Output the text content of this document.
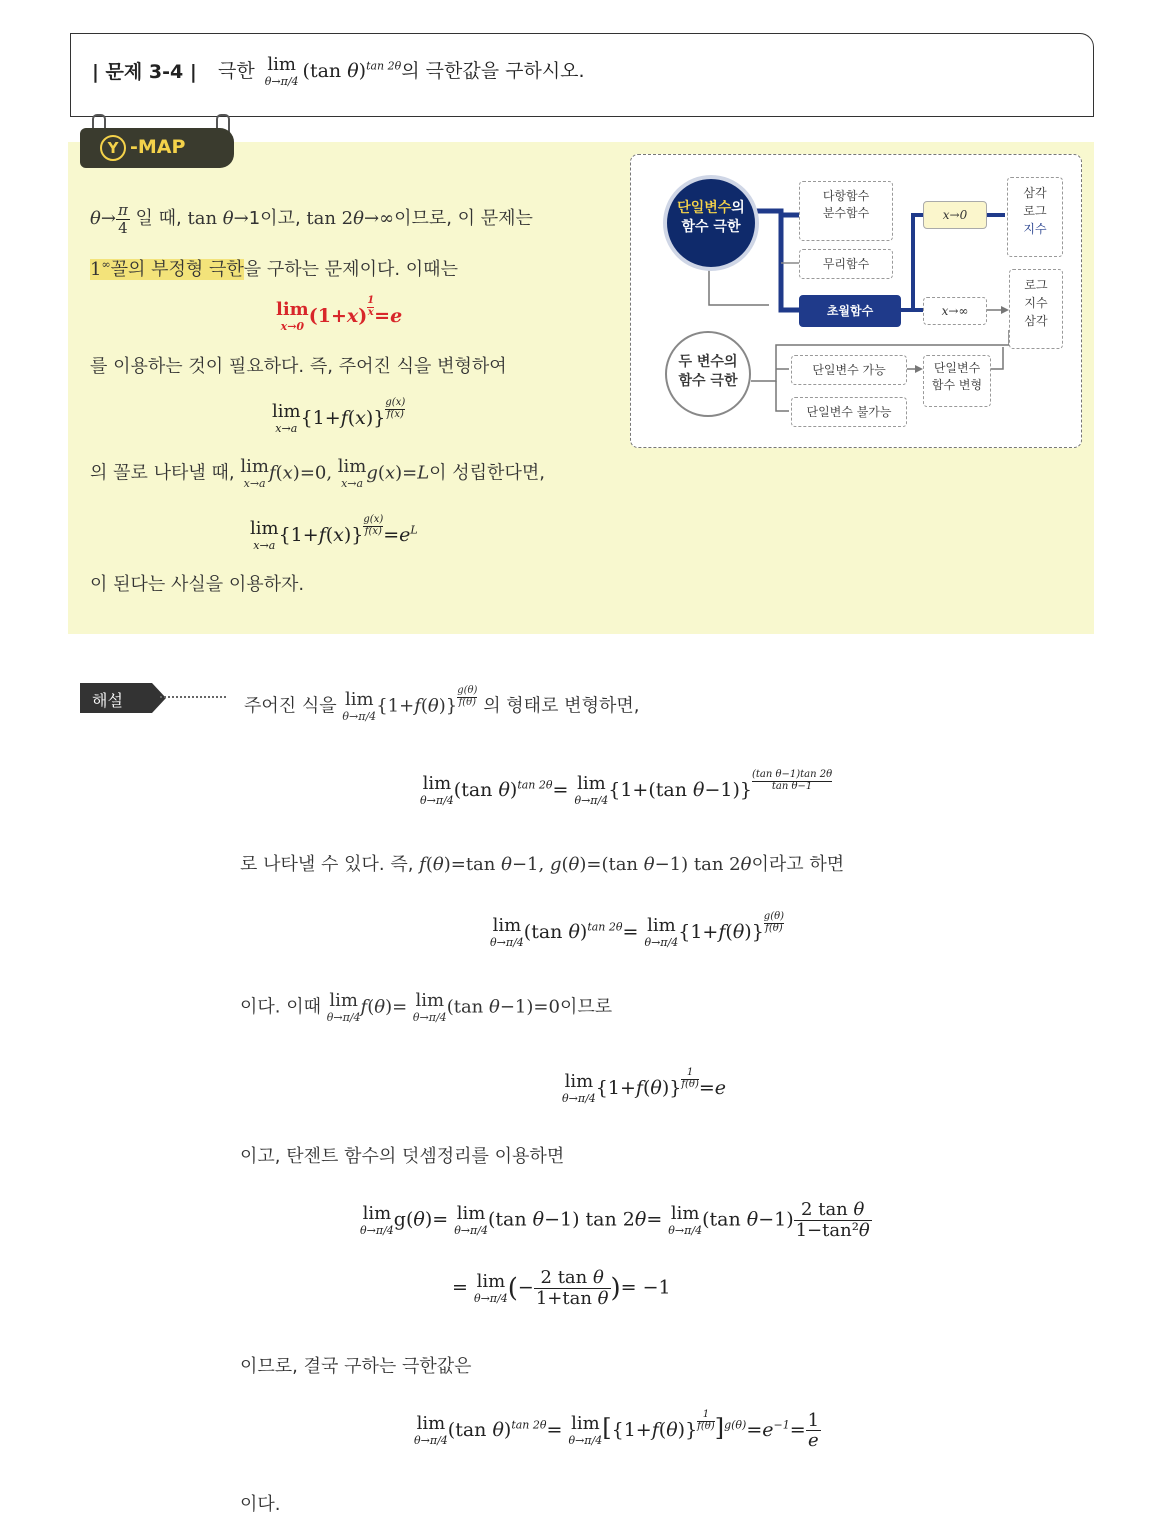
| 문제 3-4 | 극한 lim
θ→π/4 (tan θ)$^{tan 2\theta}$의 극한값을 구하시오.
Y -MAP
$\theta\to \frac{\pi}{4}$ 일 때, tan θ→1이고, tan 2θ→∞이므로, 이 문제는
1∞꼴의 부정형 극한을 구하는 문제이다. 이때는
lim
x→0 $(1+x) \frac{1}{x}=e$
를 이용하는 것이 필요하다. 즉, 주어진 식을 변형하여
lim
x→a $\{1+f(x)\} \frac{g(x)}{f(x)}$
의 꼴로 나타낼 때, lim
x→a f(x)=0, lim
x→a g(x)=L이 성립한다면,
lim
x→a $\{1+f(x)\} \frac{g(x)}{f(x)}=e^L$
이 된다는 사실을 이용하자.
단일변수의
함수 극한
두 변수의
함수 극한
다항함수
분수함수
무리함수
초월함수
x→0
x→∞
삼각
로그
지수
로그
지수
삼각
단일변수 가능
단일변수 불가능
단일변수
함수 변형
해설	주어진 식을 lim
θ→π/4 $\{1+f(\theta)\} \frac{g(\theta)}{f(\theta)}$ 의 형태로 변형하면,
lim
θ→π/4 (tan θ)$^{tan 2\theta}$= lim
θ→π/4 {1+(tan $\theta-1)\} \frac{\text{(tan θ−1)tan 2θ}}{\text{tan θ−1}}$
로 나타낼 수 있다. 즉, f(θ)=tan θ−1, g(θ)=(tan θ−1) tan 2θ이라고 하면
lim
θ→π/4 (tan θ)$^{tan 2\theta}$= lim
θ→π/4 $\{1+f(\theta)\} \frac{g(\theta)}{f(\theta)}$
이다. 이때 lim
θ→π/4 f(θ)= lim
θ→π/4 (tan θ−1)=0이므로
lim
θ→π/4 $\{1+f(\theta)\} \frac{1}{f(\theta)}=e$
이고, 탄젠트 함수의 덧셈정리를 이용하면
lim
θ→π/4 g(θ)= lim
θ→π/4 (tan θ−1) tan 2θ= lim
θ→π/4 (tan $\theta-1) \frac{\text{2 tan θ}}{\text{1−tan²θ}}$
= lim
θ→π/4 (− $\frac{\text{2 tan θ}}{\text{1+tan θ}}$ )= −1
이므로, 결국 구하는 극한값은
lim
θ→π/4 (tan θ)$^{tan 2\theta}$= lim
θ→π/4 $[\{1+f(\theta)\} \frac{1}{f(\theta)}]^{g(\theta)}=e^{-1}= \frac{1}{e}$
이다.
